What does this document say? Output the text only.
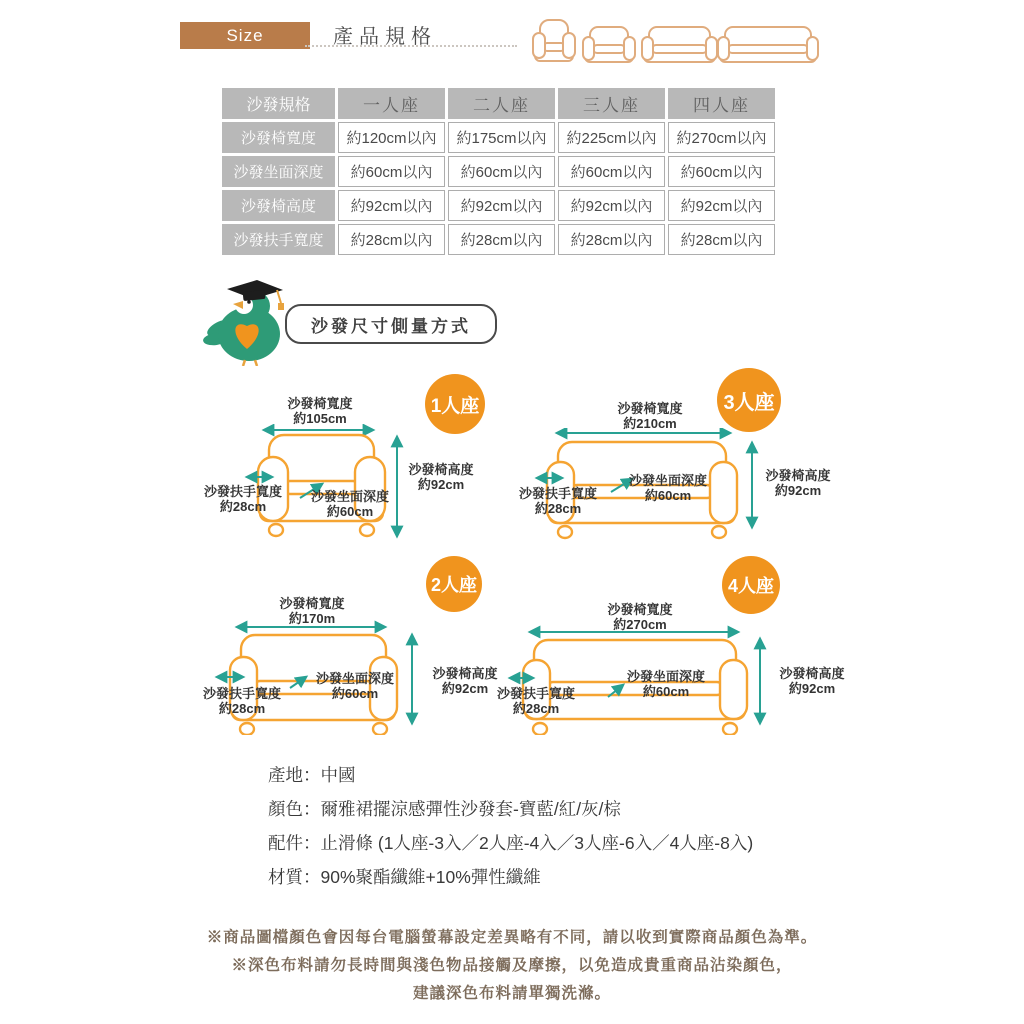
Size	產品規格
沙發規格	一人座	二人座	三人座	四人座
沙發椅寬度	約120cm以內	約175cm以內	約225cm以內	約270cm以內
沙發坐面深度	約60cm以內	約60cm以內	約60cm以內	約60cm以內
沙發椅高度	約92cm以內	約92cm以內	約92cm以內	約92cm以內
沙發扶手寬度	約28cm以內	約28cm以內	約28cm以內	約28cm以內
沙發尺寸側量方式
1人座
沙發椅寬度
約105cm
沙發椅高度
約92cm
沙發扶手寬度
約28cm
沙發坐面深度
約60cm
3人座
沙發椅寬度
約210cm
沙發椅高度
約92cm
沙發扶手寬度
約28cm
沙發坐面深度
約60cm
2人座
沙發椅寬度
約170m
沙發椅高度
約92cm
沙發扶手寬度
約28cm
沙發坐面深度
約60cm
4人座
沙發椅寬度
約270cm
沙發椅高度
約92cm
沙發扶手寬度
約28cm
沙發坐面深度
約60cm

產地：中國

顏色：爾雅裙擺涼感彈性沙發套-寶藍/紅/灰/棕

配件：止滑條 (1人座-3入／2人座-4入／3人座-6入／4人座-8入)

材質：90%聚酯纖維+10%彈性纖維

※商品圖檔顏色會因每台電腦螢幕設定差異略有不同，請以收到實際商品顏色為準。
※深色布料請勿長時間與淺色物品接觸及摩擦，以免造成貴重商品沾染顏色，
建議深色布料請單獨洗滌。
